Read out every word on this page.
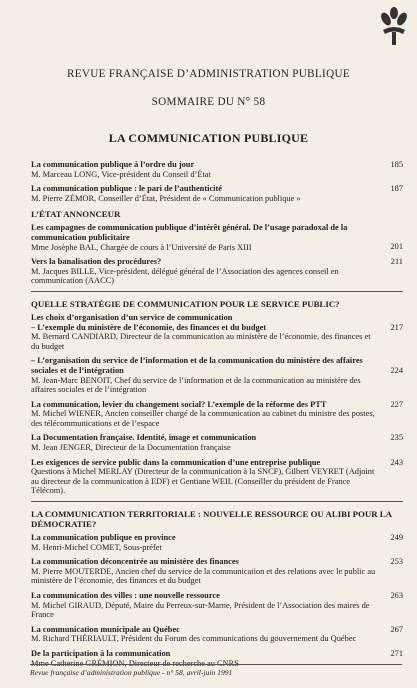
REVUE FRANÇAISE D’ADMINISTRATION PUBLIQUE
SOMMAIRE DU N° 58
LA COMMUNICATION PUBLIQUE
La communication publique à l’ordre du jour
M. Marceau LONG, Vice-président du Conseil d’État
185
La communication publique : le pari de l’authenticité
M. Pierre ZÉMOR, Conseiller d’État, Président de « Communication publique »
187
L’ÉTAT ANNONCEUR
Les campagnes de communication publique d’intérêt général. De l’usage paradoxal de la communication publicitaire
Mme Josèphe BAL, Chargée de cours à l’Université de Paris XIII	201
Vers la banalisation des procédures?
M. Jacques BILLE, Vice-président, délégué général de l’Association des agences conseil en communication (AACC)
211
QUELLE STRATÉGIE DE COMMUNICATION POUR LE SERVICE PUBLIC?
Les choix d’organisation d’un service de communication

– L’exemple du ministère de l’économie, des finances et du budget
M. Bernard CANDIARD, Directeur de la communication au ministère de l’économie, des finances et du budget
217
– L’organisation du service de l’information et de la communication du ministère des affaires sociales et de l’intégration
M. Jean-Marc BENOIT, Chef du service de l’information et de la communication au ministère des affaires sociales et de l’intégration
224
La communication, levier du changement social? L’exemple de la réforme des PTT
M. Michel WIENER, Ancien conseiller chargé de la communication au cabinet du ministre des postes, des télécommunications et de l’espace
227
La Documentation française. Identité, image et communication
M. Jean JENGER, Directeur de la Documentation française
235
Les exigences de service public dans la communication d’une entreprise publique
Questions à Michel MERLAY (Directeur de la communication à la SNCF), Gilbert VEYRET (Adjoint au directeur de la communication à EDF) et Gentiane WEIL (Conseiller du président de France Télécom).
243
LA COMMUNICATION TERRITORIALE : NOUVELLE RESSOURCE OU ALIBI POUR LA DÉMOCRATIE?
La communication publique en province
M. Henri-Michel COMET, Sous-préfet
249
La communication déconcentrée au ministère des finances
M. Pierre MOUTERDE, Ancien chef du service de la communication et des relations avec le public au ministère de l’économie, des finances et du budget
253
La communication des villes : une nouvelle ressource
M. Michel GIRAUD, Député, Maire du Perreux-sur-Marne, Président de l’Association des maires de France
263
La communication municipale au Québec
M. Richard THÉRIAULT, Président du Forum des communications du gouvernement du Québec
267
De la participation à la communication
Mme Catherine GRÉMION, Directeur de recherche au CNRS
271
Revue française d’administration publique - n° 58, avril-juin 1991
